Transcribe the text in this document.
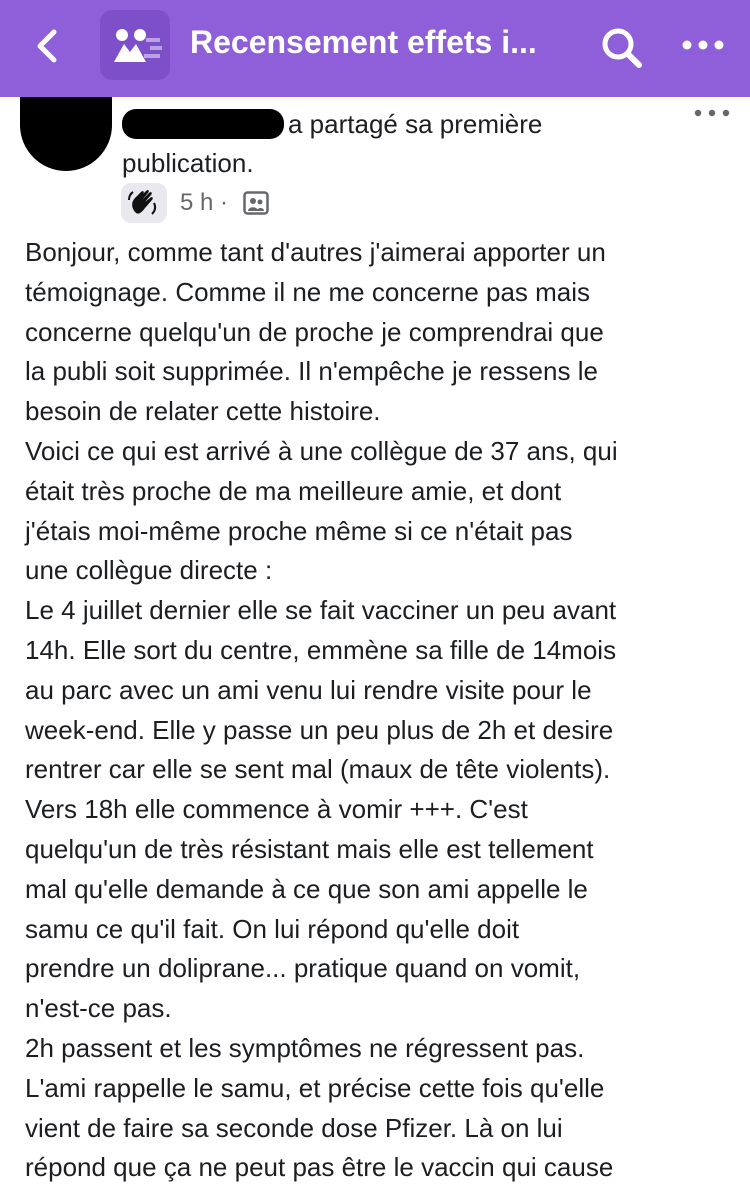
Recensement effets i...
a partagé sa première publication.
5 h ·

Bonjour, comme tant d'autres j'aimerai apporter un

témoignage. Comme il ne me concerne pas mais

concerne quelqu'un de proche je comprendrai que

la publi soit supprimée. Il n'empêche je ressens le

besoin de relater cette histoire.

Voici ce qui est arrivé à une collègue de 37 ans, qui

était très proche de ma meilleure amie, et dont

j'étais moi-même proche même si ce n'était pas

une collègue directe :

Le 4 juillet dernier elle se fait vacciner un peu avant

14h. Elle sort du centre, emmène sa fille de 14mois

au parc avec un ami venu lui rendre visite pour le

week-end. Elle y passe un peu plus de 2h et desire

rentrer car elle se sent mal (maux de tête violents).

Vers 18h elle commence à vomir +++. C'est

quelqu'un de très résistant mais elle est tellement

mal qu'elle demande à ce que son ami appelle le

samu ce qu'il fait. On lui répond qu'elle doit

prendre un doliprane... pratique quand on vomit,

n'est-ce pas.

2h passent et les symptômes ne régressent pas.

L'ami rappelle le samu, et précise cette fois qu'elle

vient de faire sa seconde dose Pfizer. Là on lui

répond que ça ne peut pas être le vaccin qui cause
